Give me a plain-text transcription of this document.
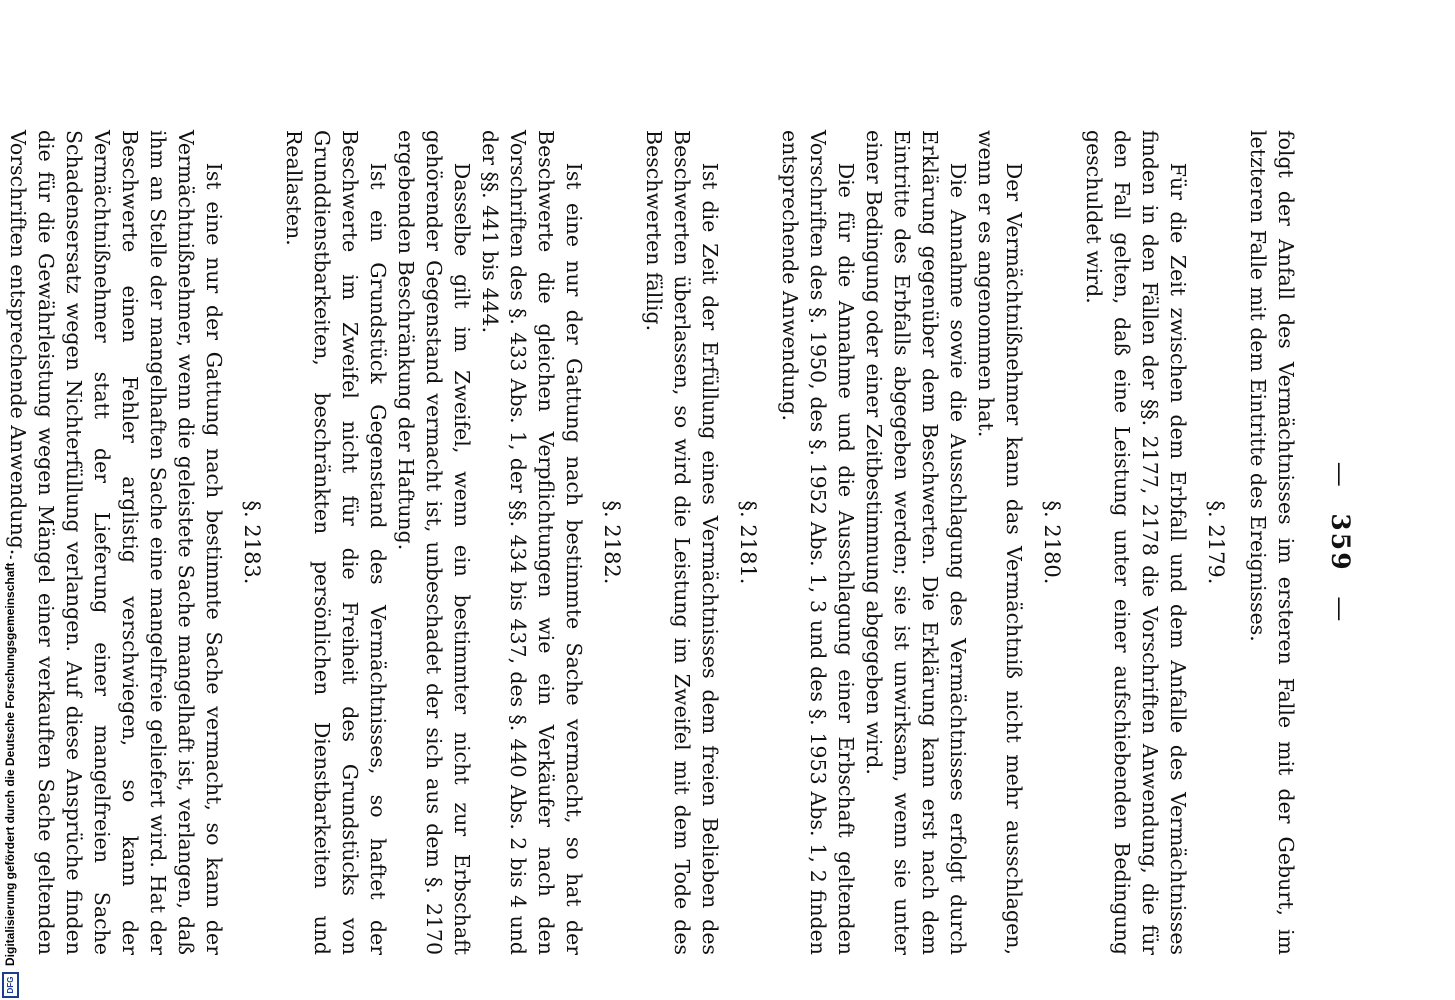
— 359 —

folgt der Anfall des Vermächtnisses im ersteren Falle mit der Geburt, im letzteren Falle mit dem Eintritte des Ereignisses.

§. 2179.

Für die Zeit zwischen dem Erbfall und dem Anfalle des Vermächtnisses finden in den Fällen der §§. 2177, 2178 die Vorschriften Anwendung, die für den Fall gelten, daß eine Leistung unter einer aufschiebenden Bedingung geschuldet wird.

§. 2180.

Der Vermächtnißnehmer kann das Vermächtniß nicht mehr ausschlagen, wenn er es angenommen hat.

Die Annahme sowie die Ausschlagung des Vermächtnisses erfolgt durch Erklärung gegenüber dem Beschwerten. Die Erklärung kann erst nach dem Eintritte des Erbfalls abgegeben werden; sie ist unwirksam, wenn sie unter einer Bedingung oder einer Zeitbestimmung abgegeben wird.

Die für die Annahme und die Ausschlagung einer Erbschaft geltenden Vorschriften des §. 1950, des §. 1952 Abs. 1, 3 und des §. 1953 Abs. 1, 2 finden entsprechende Anwendung.

§. 2181.

Ist die Zeit der Erfüllung eines Vermächtnisses dem freien Belieben des Beschwerten überlassen, so wird die Leistung im Zweifel mit dem Tode des Beschwerten fällig.

§. 2182.

Ist eine nur der Gattung nach bestimmte Sache vermacht, so hat der Beschwerte die gleichen Verpflichtungen wie ein Verkäufer nach den Vorschriften des §. 433 Abs. 1, der §§. 434 bis 437, des §. 440 Abs. 2 bis 4 und der §§. 441 bis 444.

Dasselbe gilt im Zweifel, wenn ein bestimmter nicht zur Erbschaft gehörender Gegenstand vermacht ist, unbeschadet der sich aus dem §. 2170 ergebenden Beschränkung der Haftung.

Ist ein Grundstück Gegenstand des Vermächtnisses, so haftet der Beschwerte im Zweifel nicht für die Freiheit des Grundstücks von Grunddienstbarkeiten, beschränkten persönlichen Dienstbarkeiten und Reallasten.

§. 2183.

Ist eine nur der Gattung nach bestimmte Sache vermacht, so kann der Vermächtnißnehmer, wenn die geleistete Sache mangelhaft ist, verlangen, daß ihm an Stelle der mangelhaften Sache eine mangelfreie geliefert wird. Hat der Beschwerte einen Fehler arglistig verschwiegen, so kann der Vermächtnißnehmer statt der Lieferung einer mangelfreien Sache Schadensersatz wegen Nichterfüllung verlangen. Auf diese Ansprüche finden die für die Gewährleistung wegen Mängel einer verkauften Sache geltenden Vorschriften entsprechende Anwendung.

DFG
Digitalisierung gefördert durch die Deutsche Forschungsgemeinschaft -
